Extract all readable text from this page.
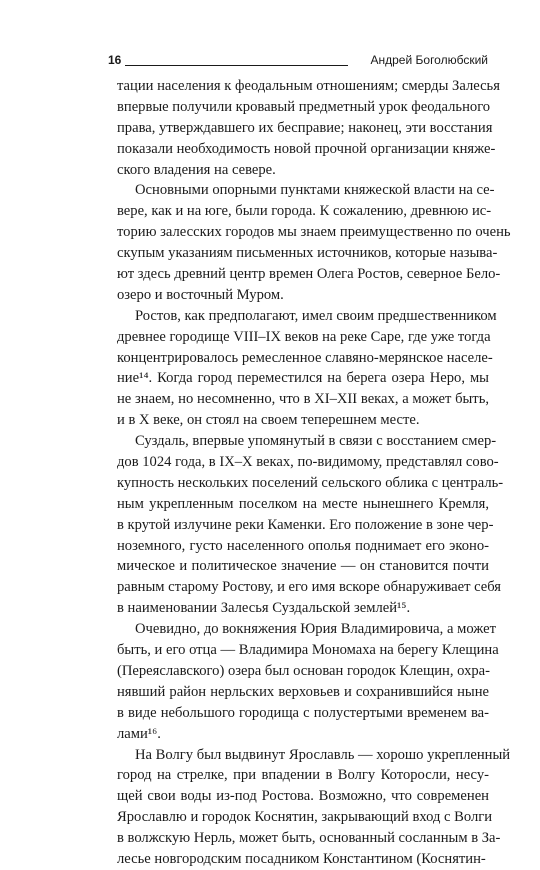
16	Андрей Боголюбский
тации населения к феодальным отношениям; смерды Залесья
впервые получили кровавый предметный урок феодального
права, утверждавшего их бесправие; наконец, эти восстания
показали необходимость новой прочной организации княже-
ского владения на севере.
Основными опорными пунктами княжеской власти на се-
вере, как и на юге, были города. К сожалению, древнюю ис-
торию залесских городов мы знаем преимущественно по очень
скупым указаниям письменных источников, которые называ-
ют здесь древний центр времен Олега Ростов, северное Бело-
озеро и восточный Муром.
Ростов, как предполагают, имел своим предшественником
древнее городище VIII–IX веков на реке Саре, где уже тогда
концентрировалось ремесленное славяно-мерянское населе-
ние¹⁴. Когда город переместился на берега озера Неро, мы
не знаем, но несомненно, что в XI–XII веках, а может быть,
и в X веке, он стоял на своем теперешнем месте.
Суздаль, впервые упомянутый в связи с восстанием смер-
дов 1024 года, в IX–X веках, по-видимому, представлял сово-
купность нескольких поселений сельского облика с централь-
ным укрепленным поселком на месте нынешнего Кремля,
в крутой излучине реки Каменки. Его положение в зоне чер-
ноземного, густо населенного ополья поднимает его эконо-
мическое и политическое значение — он становится почти
равным старому Ростову, и его имя вскоре обнаруживает себя
в наименовании Залесья Суздальской землей¹⁵.
Очевидно, до вокняжения Юрия Владимировича, а может
быть, и его отца — Владимира Мономаха на берегу Клещина
(Переяславского) озера был основан городок Клещин, охра-
нявший район нерльских верховьев и сохранившийся ныне
в виде небольшого городища с полустертыми временем ва-
лами¹⁶.
На Волгу был выдвинут Ярославль — хорошо укрепленный
город на стрелке, при впадении в Волгу Которосли, несу-
щей свои воды из-под Ростова. Возможно, что современен
Ярославлю и городок Коснятин, закрывающий вход с Волги
в волжскую Нерль, может быть, основанный сосланным в За-
лесье новгородским посадником Константином (Коснятин-
